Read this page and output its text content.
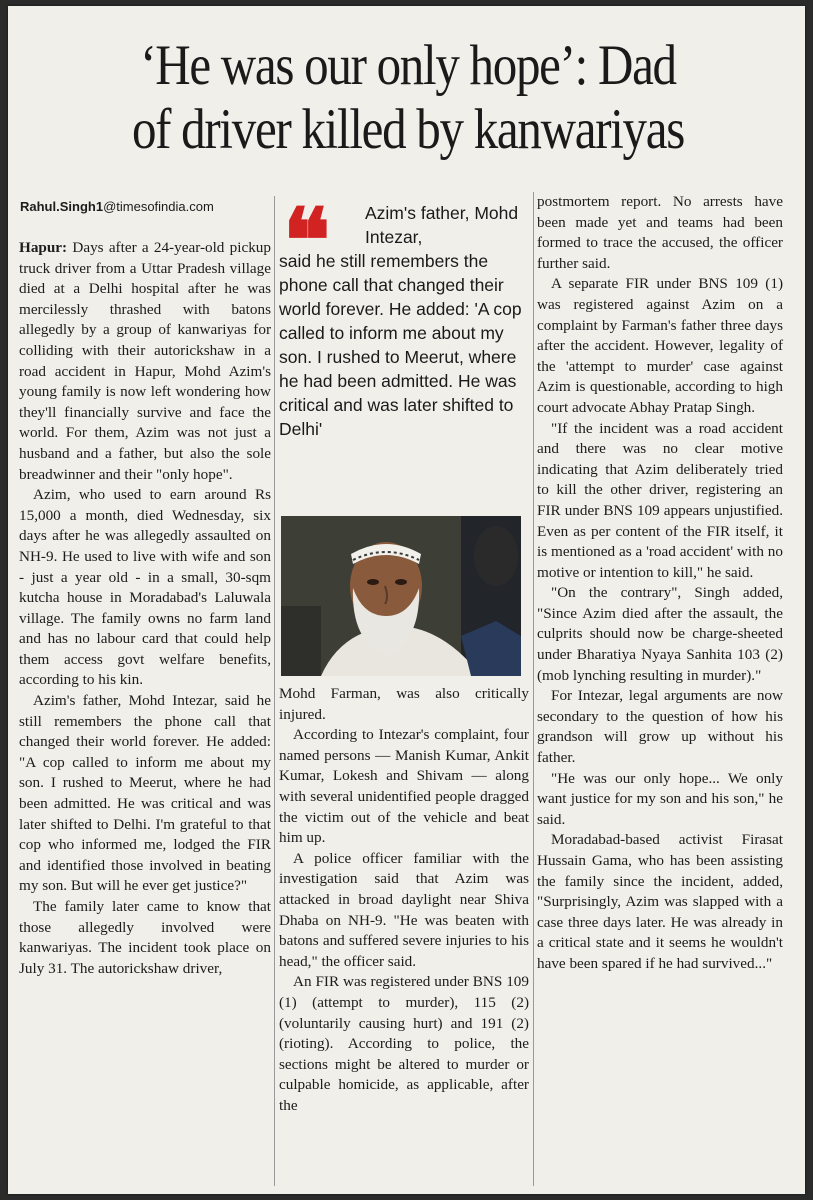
‘He was our only hope’: Dad
of driver killed by kanwariyas
Rahul.Singh1@timesofindia.com

Hapur: Days after a 24-year-old pickup truck driver from a Uttar Pradesh village died at a Delhi hospital after he was mercilessly thrashed with batons allegedly by a group of kanwariyas for colliding with their autorickshaw in a road accident in Hapur, Mohd Azim's young family is now left wondering how they'll financially survive and face the world. For them, Azim was not just a husband and a father, but also the sole breadwinner and their "only hope".

Azim, who used to earn around Rs 15,000 a month, died Wednesday, six days after he was allegedly assaulted on NH-9. He used to live with wife and son - just a year old - in a small, 30-sqm kutcha house in Moradabad's Laluwala village. The family owns no farm land and has no labour card that could help them access govt welfare benefits, according to his kin.

Azim's father, Mohd Intezar, said he still remembers the phone call that changed their world forever. He added: "A cop called to inform me about my son. I rushed to Meerut, where he had been admitted. He was critical and was later shifted to Delhi. I'm grateful to that cop who informed me, lodged the FIR and identified those involved in beating my son. But will he ever get justice?"

The family later came to know that those allegedly involved were kanwariyas. The incident took place on July 31. The autorickshaw driver,

❝	Azim's father, Mohd Intezar,
said he still remembers the phone call that changed their world forever. He added: 'A cop called to inform me about my son. I rushed to Meerut, where he had been admitted. He was critical and was later shifted to Delhi'

Mohd Farman, was also critically injured.

According to Intezar's complaint, four named persons — Manish Kumar, Ankit Kumar, Lokesh and Shivam — along with several unidentified people dragged the victim out of the vehicle and beat him up.

A police officer familiar with the investigation said that Azim was attacked in broad daylight near Shiva Dhaba on NH-9. "He was beaten with batons and suffered severe injuries to his head," the officer said.

An FIR was registered under BNS 109 (1) (attempt to murder), 115 (2) (voluntarily causing hurt) and 191 (2) (rioting). According to police, the sections might be altered to murder or culpable homicide, as applicable, after the

postmortem report. No arrests have been made yet and teams had been formed to trace the accused, the officer further said.

A separate FIR under BNS 109 (1) was registered against Azim on a complaint by Farman's father three days after the accident. However, legality of the 'attempt to murder' case against Azim is questionable, according to high court advocate Abhay Pratap Singh.

"If the incident was a road accident and there was no clear motive indicating that Azim deliberately tried to kill the other driver, registering an FIR under BNS 109 appears unjustified. Even as per content of the FIR itself, it is mentioned as a 'road accident' with no motive or intention to kill," he said.

"On the contrary", Singh added, "Since Azim died after the assault, the culprits should now be charge-sheeted under Bharatiya Nyaya Sanhita 103 (2) (mob lynching resulting in murder)."

For Intezar, legal arguments are now secondary to the question of how his grandson will grow up without his father.

"He was our only hope... We only want justice for my son and his son," he said.

Moradabad-based activist Firasat Hussain Gama, who has been assisting the family since the incident, added, "Surprisingly, Azim was slapped with a case three days later. He was already in a critical state and it seems he wouldn't have been spared if he had survived..."
